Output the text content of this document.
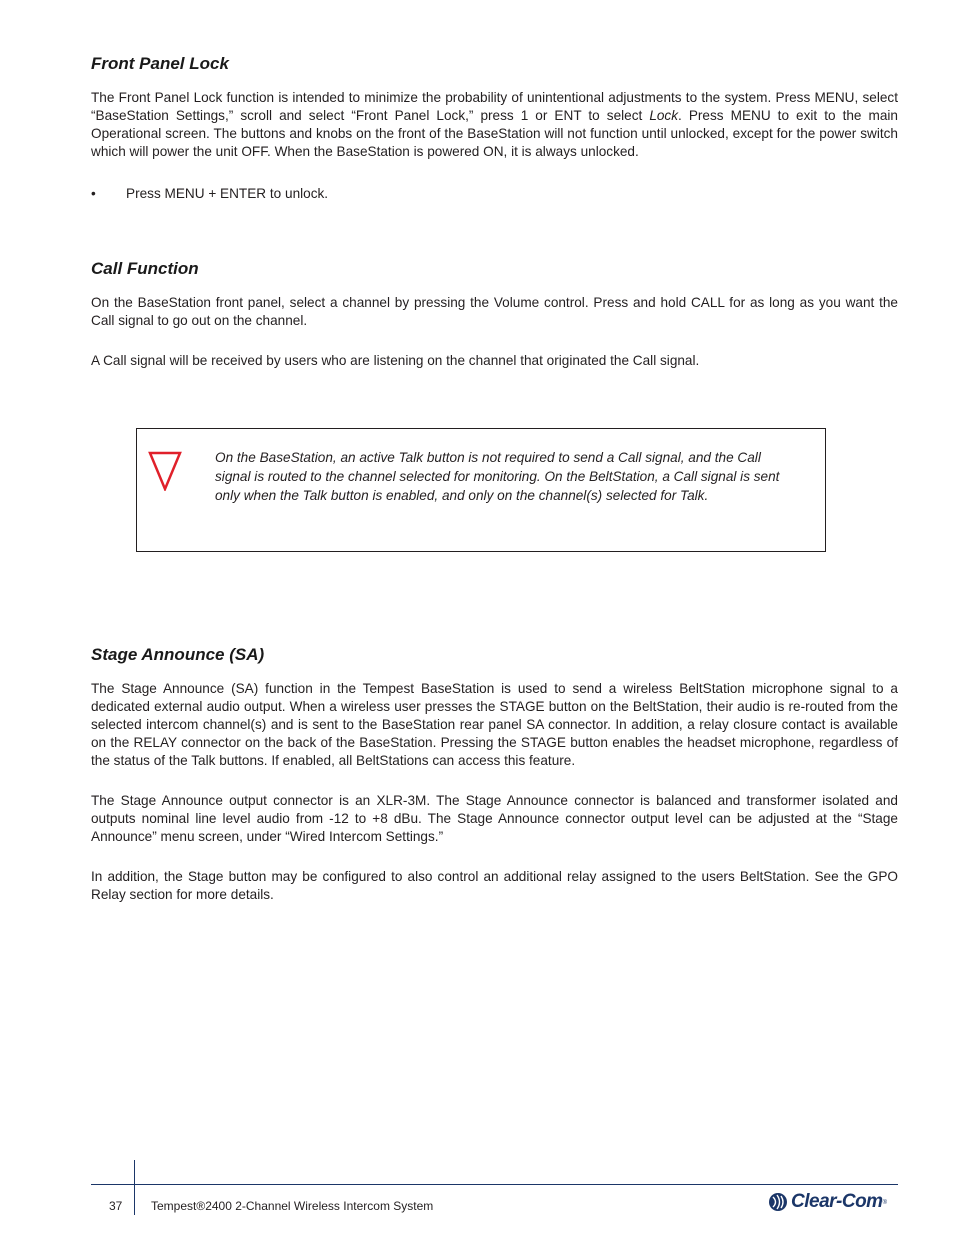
Front Panel Lock

The Front Panel Lock function is intended to minimize the probability of unintentional adjustments to the system. Press MENU, select “BaseStation Settings,” scroll and select “Front Panel Lock,” press 1 or ENT to select Lock. Press MENU to exit to the main Operational screen. The buttons and knobs on the front of the BaseStation will not function until unlocked, except for the power switch which will power the unit OFF. When the BaseStation is powered ON, it is always unlocked.

• Press MENU + ENTER to unlock.
Call Function

On the BaseStation front panel, select a channel by pressing the Volume control. Press and hold CALL for as long as you want the Call signal to go out on the channel.

A Call signal will be received by users who are listening on the channel that originated the Call signal.

On the BaseStation, an active Talk button is not required to send a Call signal, and the Call signal is routed to the channel selected for monitoring. On the BeltStation, a Call signal is sent only when the Talk button is enabled, and only on the channel(s) selected for Talk.
Stage Announce (SA)

The Stage Announce (SA) function in the Tempest BaseStation is used to send a wireless BeltStation microphone signal to a dedicated external audio output. When a wireless user presses the STAGE button on the BeltStation, their audio is re-routed from the selected intercom channel(s) and is sent to the BaseStation rear panel SA connector. In addition, a relay closure contact is available on the RELAY connector on the back of the BaseStation. Pressing the STAGE button enables the headset microphone, regardless of the status of the Talk buttons. If enabled, all BeltStations can access this feature.

The Stage Announce output connector is an XLR-3M. The Stage Announce connector is balanced and transformer isolated and outputs nominal line level audio from -12 to +8 dBu. The Stage Announce connector output level can be adjusted at the “Stage Announce” menu screen, under “Wired Intercom Settings.”

In addition, the Stage button may be configured to also control an additional relay assigned to the users BeltStation. See the GPO Relay section for more details.

37 Tempest®2400 2-Channel Wireless Intercom System	Clear-Com ®
